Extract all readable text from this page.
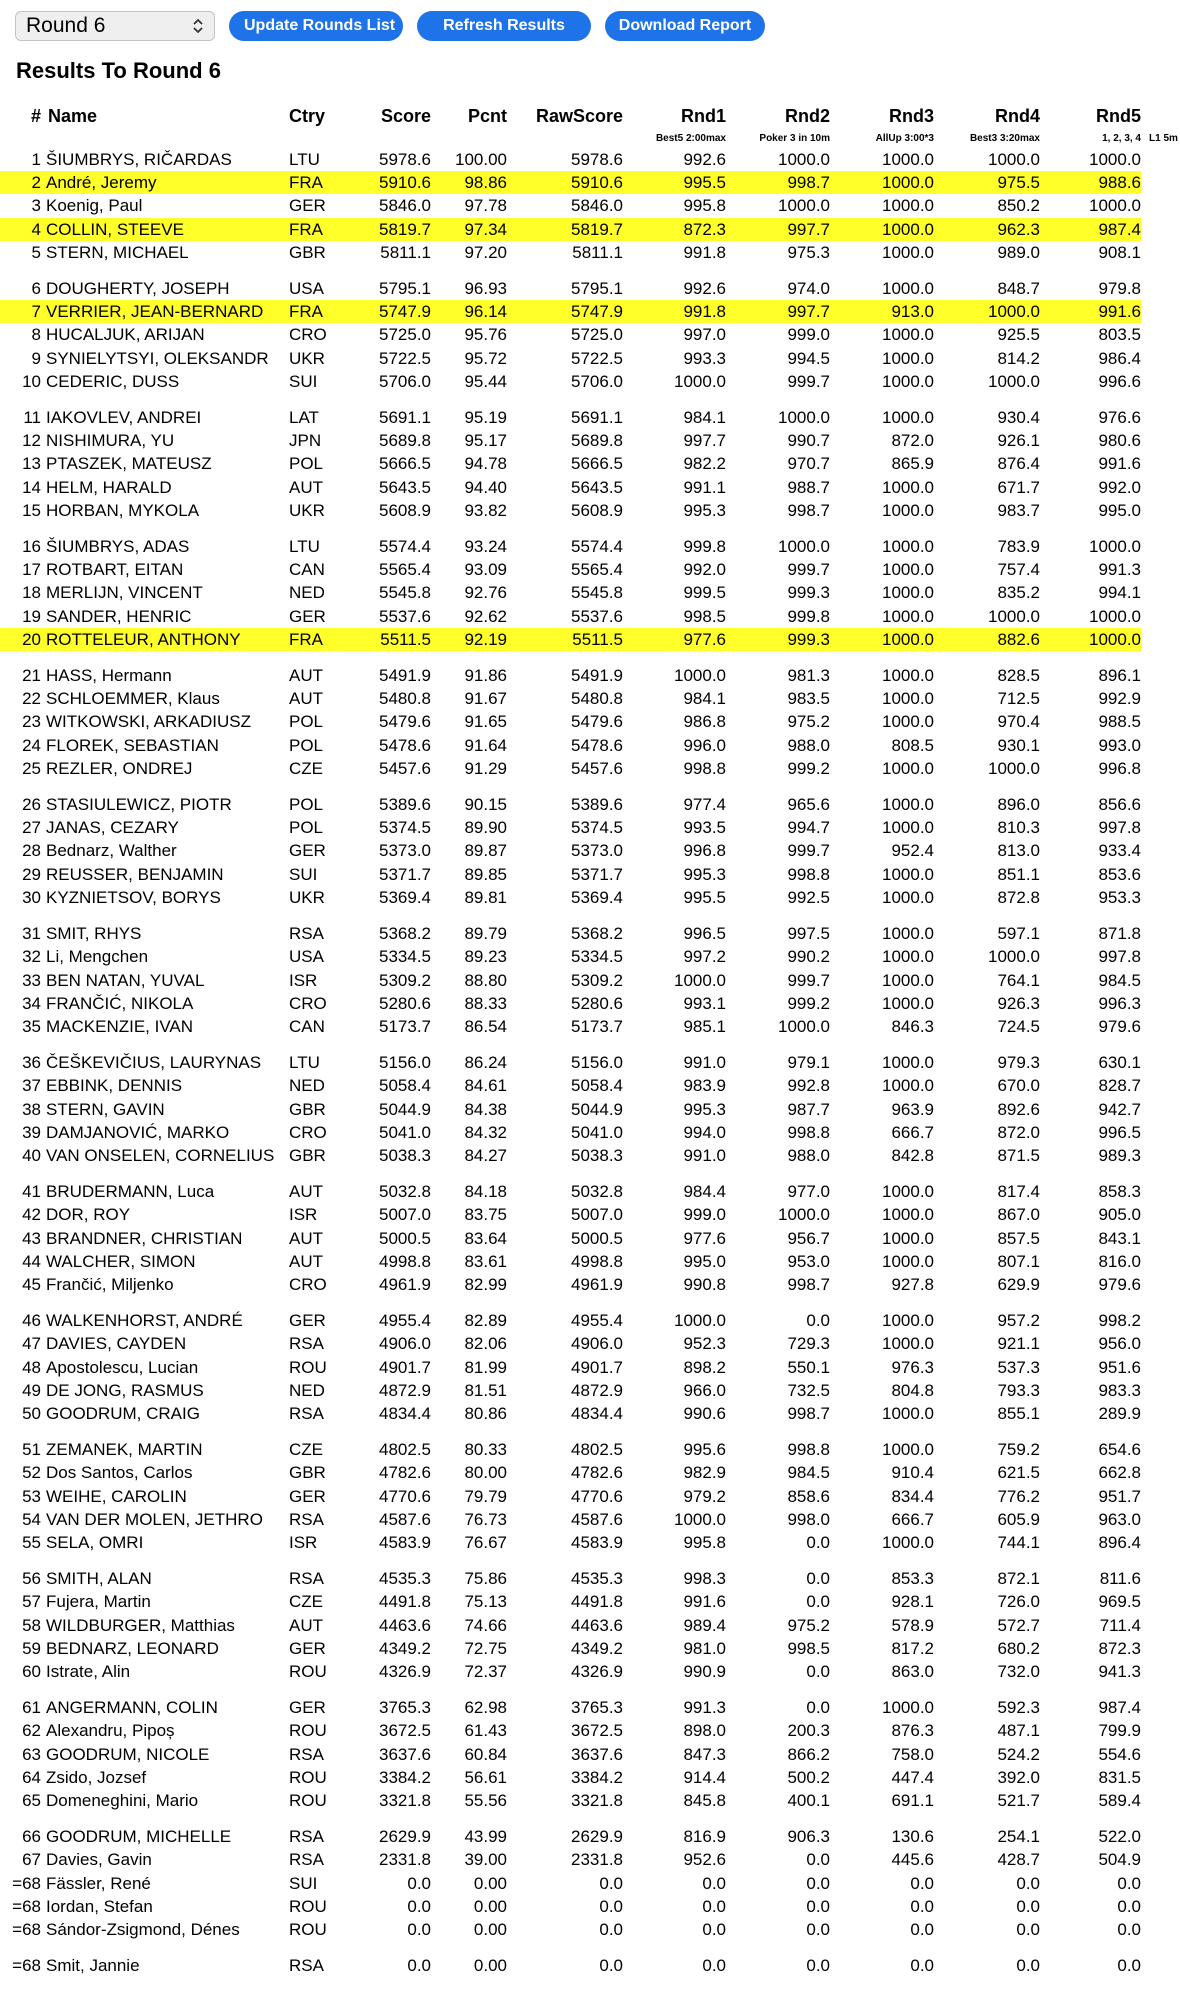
Round 6	Update Rounds List	Refresh Results	Download Report
Results To Round 6
#	Name	Ctry	Score	Pcnt	RawScore	Rnd1	Rnd2	Rnd3	Rnd4	Rnd5	
						Best5 2:00max	Poker 3 in 10m	AllUp 3:00*3	Best3 3:20max	1, 2, 3, 4	L1 5m
1	ŠIUMBRYS, RIČARDAS	LTU	5978.6	100.00	5978.6	992.6	1000.0	1000.0	1000.0	1000.0	
2	André, Jeremy	FRA	5910.6	98.86	5910.6	995.5	998.7	1000.0	975.5	988.6	
3	Koenig, Paul	GER	5846.0	97.78	5846.0	995.8	1000.0	1000.0	850.2	1000.0	
4	COLLIN, STEEVE	FRA	5819.7	97.34	5819.7	872.3	997.7	1000.0	962.3	987.4	
5	STERN, MICHAEL	GBR	5811.1	97.20	5811.1	991.8	975.3	1000.0	989.0	908.1	

6	DOUGHERTY, JOSEPH	USA	5795.1	96.93	5795.1	992.6	974.0	1000.0	848.7	979.8	
7	VERRIER, JEAN-BERNARD	FRA	5747.9	96.14	5747.9	991.8	997.7	913.0	1000.0	991.6	
8	HUCALJUK, ARIJAN	CRO	5725.0	95.76	5725.0	997.0	999.0	1000.0	925.5	803.5	
9	SYNIELYTSYI, OLEKSANDR	UKR	5722.5	95.72	5722.5	993.3	994.5	1000.0	814.2	986.4	
10	CEDERIC, DUSS	SUI	5706.0	95.44	5706.0	1000.0	999.7	1000.0	1000.0	996.6	

11	IAKOVLEV, ANDREI	LAT	5691.1	95.19	5691.1	984.1	1000.0	1000.0	930.4	976.6	
12	NISHIMURA, YU	JPN	5689.8	95.17	5689.8	997.7	990.7	872.0	926.1	980.6	
13	PTASZEK, MATEUSZ	POL	5666.5	94.78	5666.5	982.2	970.7	865.9	876.4	991.6	
14	HELM, HARALD	AUT	5643.5	94.40	5643.5	991.1	988.7	1000.0	671.7	992.0	
15	HORBAN, MYKOLA	UKR	5608.9	93.82	5608.9	995.3	998.7	1000.0	983.7	995.0	

16	ŠIUMBRYS, ADAS	LTU	5574.4	93.24	5574.4	999.8	1000.0	1000.0	783.9	1000.0	
17	ROTBART, EITAN	CAN	5565.4	93.09	5565.4	992.0	999.7	1000.0	757.4	991.3	
18	MERLIJN, VINCENT	NED	5545.8	92.76	5545.8	999.5	999.3	1000.0	835.2	994.1	
19	SANDER, HENRIC	GER	5537.6	92.62	5537.6	998.5	999.8	1000.0	1000.0	1000.0	
20	ROTTELEUR, ANTHONY	FRA	5511.5	92.19	5511.5	977.6	999.3	1000.0	882.6	1000.0	

21	HASS, Hermann	AUT	5491.9	91.86	5491.9	1000.0	981.3	1000.0	828.5	896.1	
22	SCHLOEMMER, Klaus	AUT	5480.8	91.67	5480.8	984.1	983.5	1000.0	712.5	992.9	
23	WITKOWSKI, ARKADIUSZ	POL	5479.6	91.65	5479.6	986.8	975.2	1000.0	970.4	988.5	
24	FLOREK, SEBASTIAN	POL	5478.6	91.64	5478.6	996.0	988.0	808.5	930.1	993.0	
25	REZLER, ONDREJ	CZE	5457.6	91.29	5457.6	998.8	999.2	1000.0	1000.0	996.8	

26	STASIULEWICZ, PIOTR	POL	5389.6	90.15	5389.6	977.4	965.6	1000.0	896.0	856.6	
27	JANAS, CEZARY	POL	5374.5	89.90	5374.5	993.5	994.7	1000.0	810.3	997.8	
28	Bednarz, Walther	GER	5373.0	89.87	5373.0	996.8	999.7	952.4	813.0	933.4	
29	REUSSER, BENJAMIN	SUI	5371.7	89.85	5371.7	995.3	998.8	1000.0	851.1	853.6	
30	KYZNIETSOV, BORYS	UKR	5369.4	89.81	5369.4	995.5	992.5	1000.0	872.8	953.3	

31	SMIT, RHYS	RSA	5368.2	89.79	5368.2	996.5	997.5	1000.0	597.1	871.8	
32	Li, Mengchen	USA	5334.5	89.23	5334.5	997.2	990.2	1000.0	1000.0	997.8	
33	BEN NATAN, YUVAL	ISR	5309.2	88.80	5309.2	1000.0	999.7	1000.0	764.1	984.5	
34	FRANČIĆ, NIKOLA	CRO	5280.6	88.33	5280.6	993.1	999.2	1000.0	926.3	996.3	
35	MACKENZIE, IVAN	CAN	5173.7	86.54	5173.7	985.1	1000.0	846.3	724.5	979.6	

36	ČEŠKEVIČIUS, LAURYNAS	LTU	5156.0	86.24	5156.0	991.0	979.1	1000.0	979.3	630.1	
37	EBBINK, DENNIS	NED	5058.4	84.61	5058.4	983.9	992.8	1000.0	670.0	828.7	
38	STERN, GAVIN	GBR	5044.9	84.38	5044.9	995.3	987.7	963.9	892.6	942.7	
39	DAMJANOVIĆ, MARKO	CRO	5041.0	84.32	5041.0	994.0	998.8	666.7	872.0	996.5	
40	VAN ONSELEN, CORNELIUS	GBR	5038.3	84.27	5038.3	991.0	988.0	842.8	871.5	989.3	

41	BRUDERMANN, Luca	AUT	5032.8	84.18	5032.8	984.4	977.0	1000.0	817.4	858.3	
42	DOR, ROY	ISR	5007.0	83.75	5007.0	999.0	1000.0	1000.0	867.0	905.0	
43	BRANDNER, CHRISTIAN	AUT	5000.5	83.64	5000.5	977.6	956.7	1000.0	857.5	843.1	
44	WALCHER, SIMON	AUT	4998.8	83.61	4998.8	995.0	953.0	1000.0	807.1	816.0	
45	Frančić, Miljenko	CRO	4961.9	82.99	4961.9	990.8	998.7	927.8	629.9	979.6	

46	WALKENHORST, ANDRÉ	GER	4955.4	82.89	4955.4	1000.0	0.0	1000.0	957.2	998.2	
47	DAVIES, CAYDEN	RSA	4906.0	82.06	4906.0	952.3	729.3	1000.0	921.1	956.0	
48	Apostolescu, Lucian	ROU	4901.7	81.99	4901.7	898.2	550.1	976.3	537.3	951.6	
49	DE JONG, RASMUS	NED	4872.9	81.51	4872.9	966.0	732.5	804.8	793.3	983.3	
50	GOODRUM, CRAIG	RSA	4834.4	80.86	4834.4	990.6	998.7	1000.0	855.1	289.9	

51	ZEMANEK, MARTIN	CZE	4802.5	80.33	4802.5	995.6	998.8	1000.0	759.2	654.6	
52	Dos Santos, Carlos	GBR	4782.6	80.00	4782.6	982.9	984.5	910.4	621.5	662.8	
53	WEIHE, CAROLIN	GER	4770.6	79.79	4770.6	979.2	858.6	834.4	776.2	951.7	
54	VAN DER MOLEN, JETHRO	RSA	4587.6	76.73	4587.6	1000.0	998.0	666.7	605.9	963.0	
55	SELA, OMRI	ISR	4583.9	76.67	4583.9	995.8	0.0	1000.0	744.1	896.4	

56	SMITH, ALAN	RSA	4535.3	75.86	4535.3	998.3	0.0	853.3	872.1	811.6	
57	Fujera, Martin	CZE	4491.8	75.13	4491.8	991.6	0.0	928.1	726.0	969.5	
58	WILDBURGER, Matthias	AUT	4463.6	74.66	4463.6	989.4	975.2	578.9	572.7	711.4	
59	BEDNARZ, LEONARD	GER	4349.2	72.75	4349.2	981.0	998.5	817.2	680.2	872.3	
60	Istrate, Alin	ROU	4326.9	72.37	4326.9	990.9	0.0	863.0	732.0	941.3	

61	ANGERMANN, COLIN	GER	3765.3	62.98	3765.3	991.3	0.0	1000.0	592.3	987.4	
62	Alexandru, Pipoș	ROU	3672.5	61.43	3672.5	898.0	200.3	876.3	487.1	799.9	
63	GOODRUM, NICOLE	RSA	3637.6	60.84	3637.6	847.3	866.2	758.0	524.2	554.6	
64	Zsido, Jozsef	ROU	3384.2	56.61	3384.2	914.4	500.2	447.4	392.0	831.5	
65	Domeneghini, Mario	ROU	3321.8	55.56	3321.8	845.8	400.1	691.1	521.7	589.4	

66	GOODRUM, MICHELLE	RSA	2629.9	43.99	2629.9	816.9	906.3	130.6	254.1	522.0	
67	Davies, Gavin	RSA	2331.8	39.00	2331.8	952.6	0.0	445.6	428.7	504.9	
=68	Fässler, René	SUI	0.0	0.00	0.0	0.0	0.0	0.0	0.0	0.0	
=68	Iordan, Stefan	ROU	0.0	0.00	0.0	0.0	0.0	0.0	0.0	0.0	
=68	Sándor-Zsigmond, Dénes	ROU	0.0	0.00	0.0	0.0	0.0	0.0	0.0	0.0	

=68	Smit, Jannie	RSA	0.0	0.00	0.0	0.0	0.0	0.0	0.0	0.0	
